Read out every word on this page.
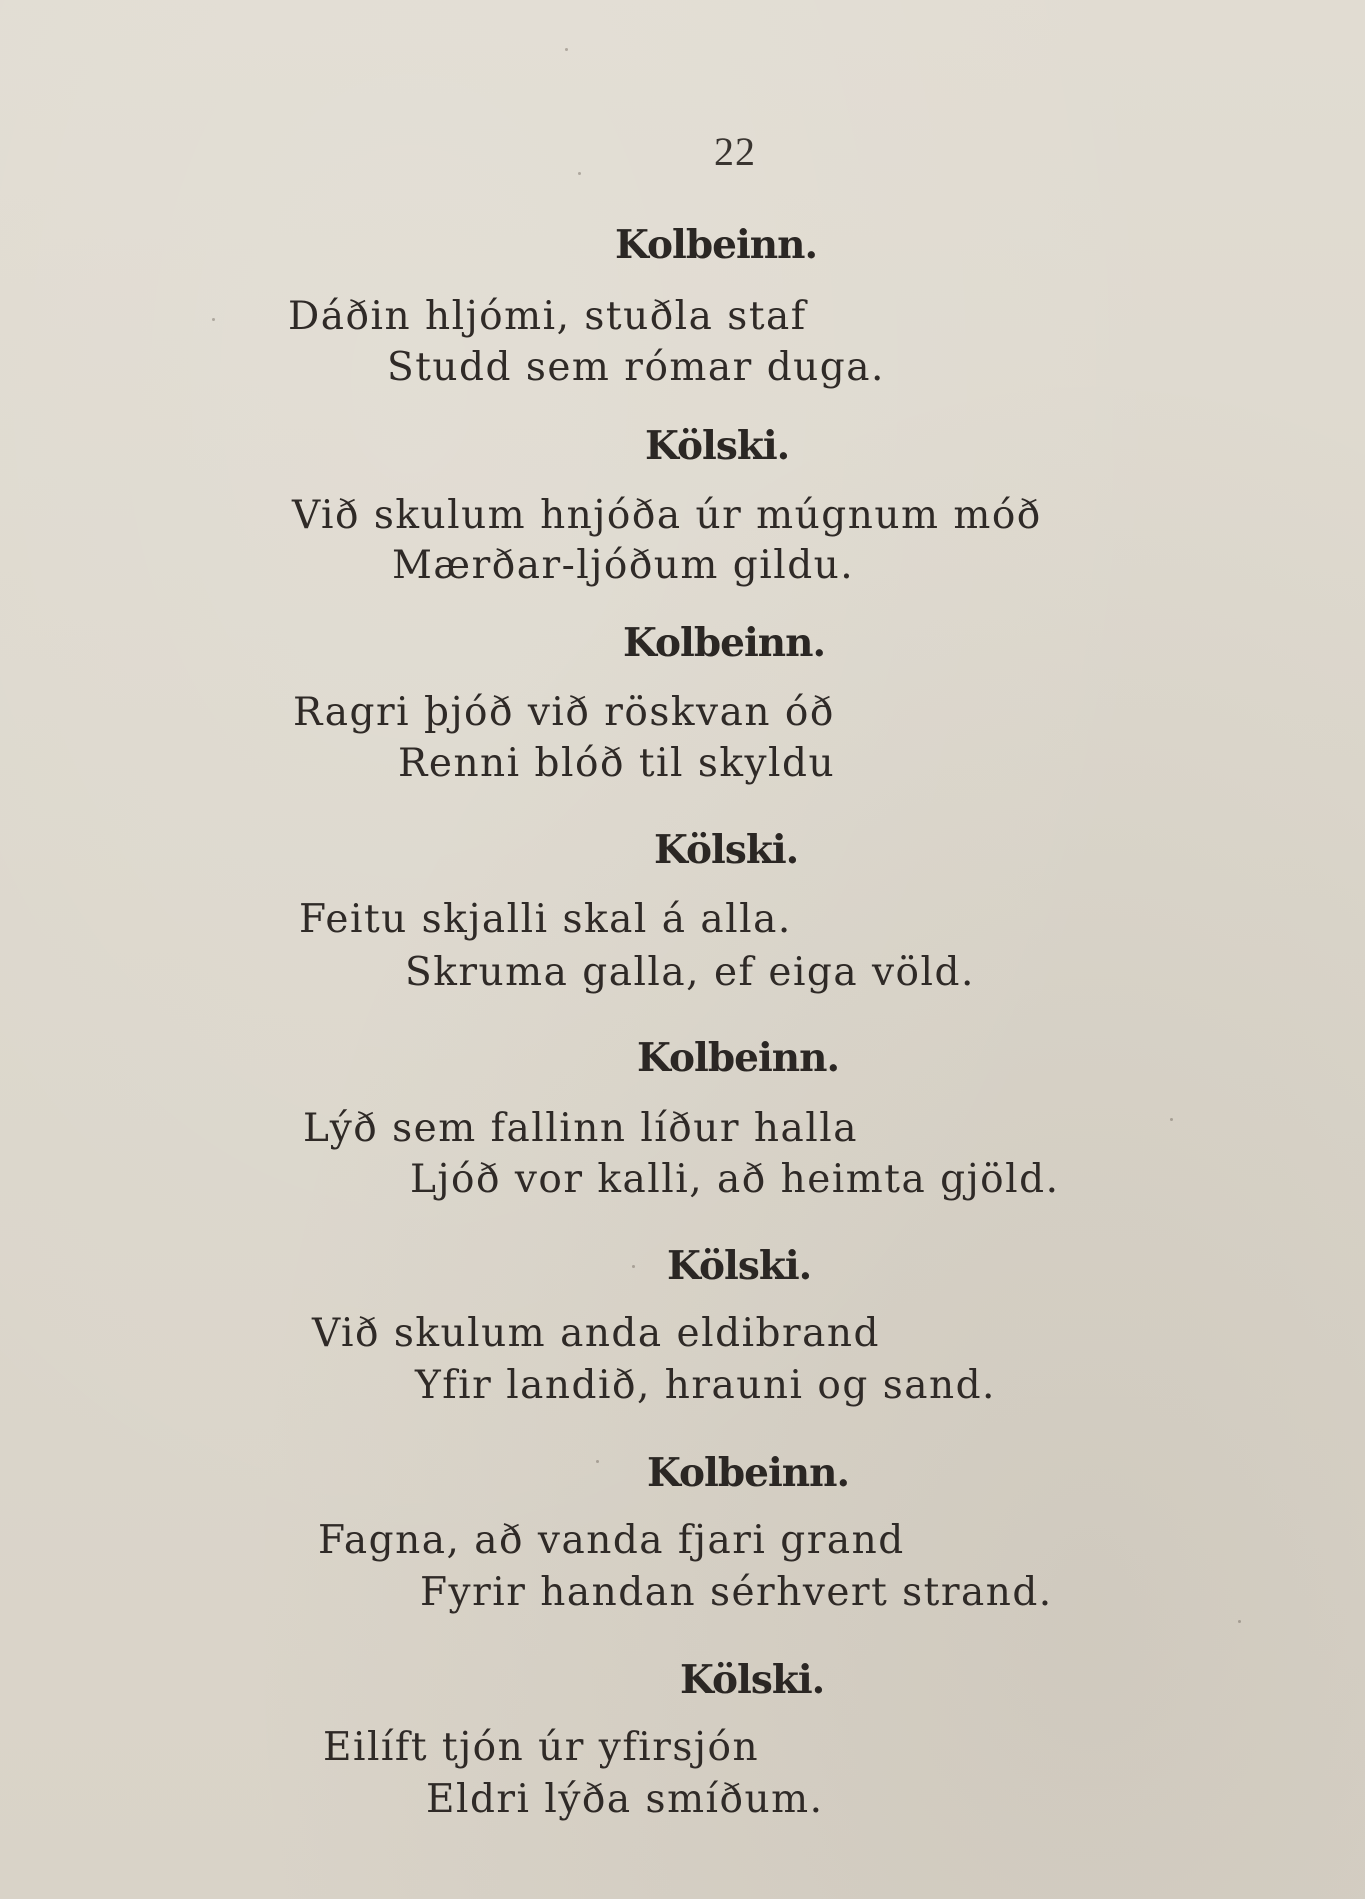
22
Kolbeinn.
Dáðin hljómi, stuðla staf
Studd sem rómar duga.
Kölski.
Við skulum hnjóða úr múgnum móð
Mærðar-ljóðum gildu.
Kolbeinn.
Ragri þjóð við röskvan óð
Renni blóð til skyldu
Kölski.
Feitu skjalli skal á alla.
Skruma galla, ef eiga völd.
Kolbeinn.
Lýð sem fallinn líður halla
Ljóð vor kalli, að heimta gjöld.
Kölski.
Við skulum anda eldibrand
Yfir landið, hrauni og sand.
Kolbeinn.
Fagna, að vanda fjari grand
Fyrir handan sérhvert strand.
Kölski.
Eilíft tjón úr yfirsjón
Eldri lýða smíðum.
